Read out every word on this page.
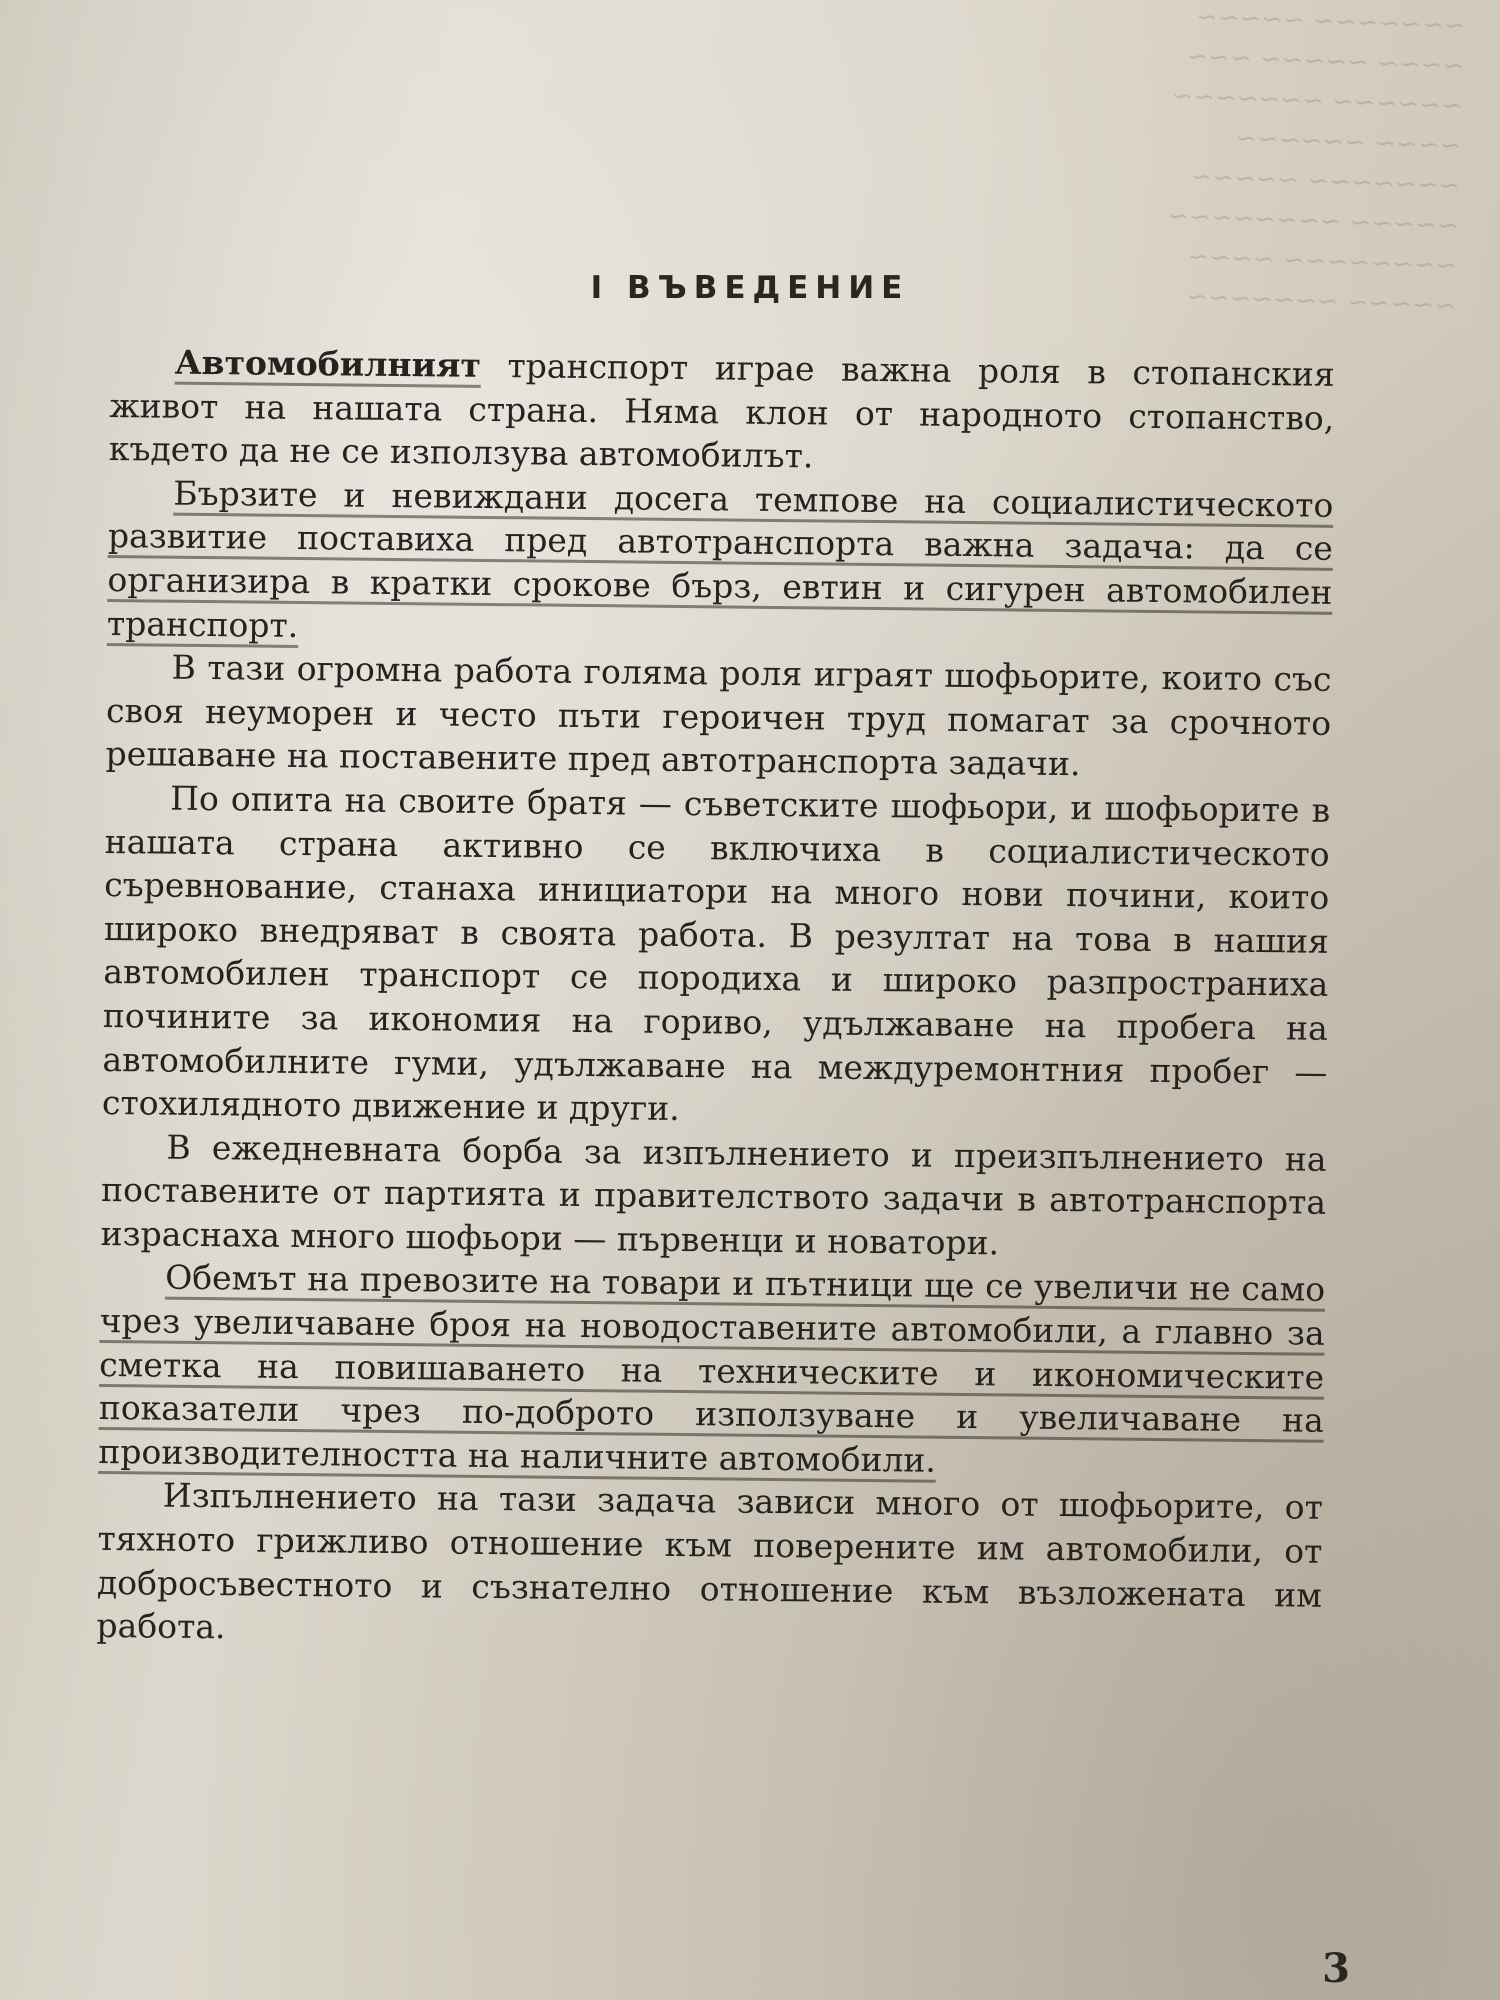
~~~~~~~ ~~~~~
~~~~ ~~~~~ ~~~
~~~~~~ ~~~~~~~
~~~~ ~~~~~~
~~~~~~~ ~~~~~
~~~~~ ~~~~~~~~
~~~~~~~~ ~~~~
~~~~~ ~~~~~~~
I ВЪВЕДЕНИЕ

Автомобилният транспорт играе важна роля в стопанския живот на нашата страна. Няма клон от народното стопанство, където да не се използува автомобилът.

Бързите и невиждани досега темпове на социалистическото развитие поставиха пред автотранспорта важна задача: да се организира в кратки срокове бърз, евтин и сигурен автомобилен транспорт.

В тази огромна работа голяма роля играят шофьорите, които със своя неуморен и често пъти героичен труд помагат за срочното решаване на поставените пред автотранспорта задачи.

По опита на своите братя — съветските шофьори, и шофьорите в нашата страна активно се включиха в социалистическото съревнование, станаха инициатори на много нови почини, които широко внедряват в своята работа. В резултат на това в нашия автомобилен транспорт се породиха и широко разпространиха почините за икономия на гориво, удължаване на пробега на автомобилните гуми, удължаване на междуремонтния пробег — стохилядното движение и други.

В ежедневната борба за изпълнението и преизпълнението на поставените от партията и правителството задачи в автотранспорта израснаха много шофьори — първенци и новатори.

Обемът на превозите на товари и пътници ще се увеличи не само чрез увеличаване броя на новодоставените автомобили, а главно за сметка на повишаването на техническите и икономическите показатели чрез по-доброто използуване и увеличаване на производителността на наличните автомобили.

Изпълнението на тази задача зависи много от шофьорите, от тяхното грижливо отношение към поверените им автомобили, от добросъвестното и съзнателно отношение към възложената им работа.

3
